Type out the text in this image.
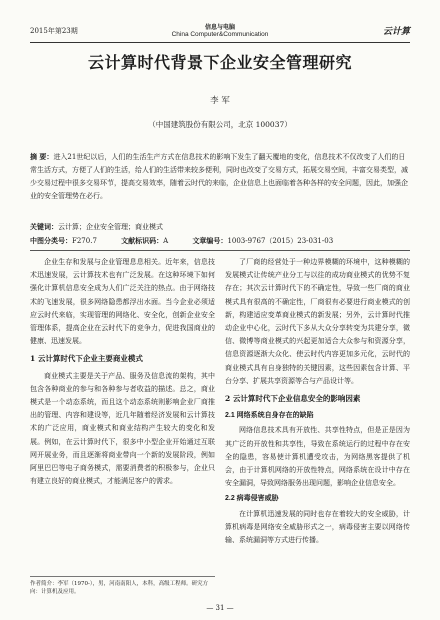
2015年第23期	信息与电脑
China Computer&Communication	云计算
云计算时代背景下企业安全管理研究
李 军
（中国建筑股份有限公司，北京 100037）
摘 要：进入21世纪以后，人们的生活生产方式在信息技术的影响下发生了翻天覆地的变化，信息技术不仅改变了人们的日常生活方式，方便了人们的生活，给人们的生活带来较多便利，同时也改变了交易方式，拓展交易空间，丰富交易类型，减少交易过程中很多交易环节，提高交易效率，随着云时代的来临，企业信息上也面临着各种各样的安全问题，因此，加强企业的安全管理势在必行。
关键词：云计算；企业安全管理；商业模式
中图分类号：F270.7	文献标识码：A	文章编号：1003-9767（2015）23-031-03

企业生存和发展与企业管理息息相关。近年来，信息技术迅速发展，云计算技术也有广泛发展。在这种环境下如何强化计算机信息安全成为人们广泛关注的热点。由于网络技术的飞速发展，很多网络隐患都浮出水面。当今企业必须适应云时代来临，实现管理的网络化、安全化，创新企业安全管理体系，提高企业在云时代下的竞争力，促进我国商业的健康、迅速发展。

1 云计算时代下企业主要商业模式

商业模式主要是关于产品、服务及信息流的架构，其中包含各种商业的参与和各种参与者收益的描述。总之，商业模式是一个动态系统，而且这个动态系统则影响企业厂商推出的管理、内容和建设等，近几年随着经济发展和云计算技术的广泛应用，商业模式和商业结构产生较大的变化和发展。例如，在云计算时代下，很多中小型企业开始通过互联网开展业务，而且逐渐将商业带向一个新的发展阶段，例如阿里巴巴等电子商务模式，需要消费者的积极参与，企业只有建立良好的商业模式，才能满足客户的需求。

了厂商的经营处于一种边界模糊的环境中，这种模糊的发展模式让传统产业分工与以往的成功商业模式的优势不复存在；其次云计算时代下的不确定性，导致一些厂商的商业模式具有很高的不确定性，厂商很有必要进行商业模式的创新，构建适应变革商业模式的新发展；另外，云计算时代推动企业中心化，云时代下多从大众分享转变为共建分享，微信、微博等商业模式的兴起更加适合大众参与和资源分享，信息资源逐渐大众化、使云时代内容更加多元化，云时代的商业模式具有自身独特的关键因素，这些因素包含计算、平台分享、扩展共享资源等合与产品设计等。

2 云计算时代下企业信息安全的影响因素
2.1 网络系统自身存在的缺陷

网络信息技术具有开放性、共享性特点，但是正是因为其广泛的开放性和共享性，导致在系统运行的过程中存在安全的隐患，容易使计算机遭受攻击，为网络黑客提供了机会，由于计算机网络的开放性特点，网络系统在设计中存在安全漏洞，导致网络服务出现问题，影响企业信息安全。

2.2 病毒侵害威胁

在计算机迅速发展的同时也存在着较大的安全威胁，计算机病毒是网络安全威胁形式之一，病毒侵害主要以网络传输、系统漏洞等方式进行传播。

作者简介：李军（1970-），男，河南南阳人，本科，高级工程师。研究方向：计算机及应用。
— 31 —
